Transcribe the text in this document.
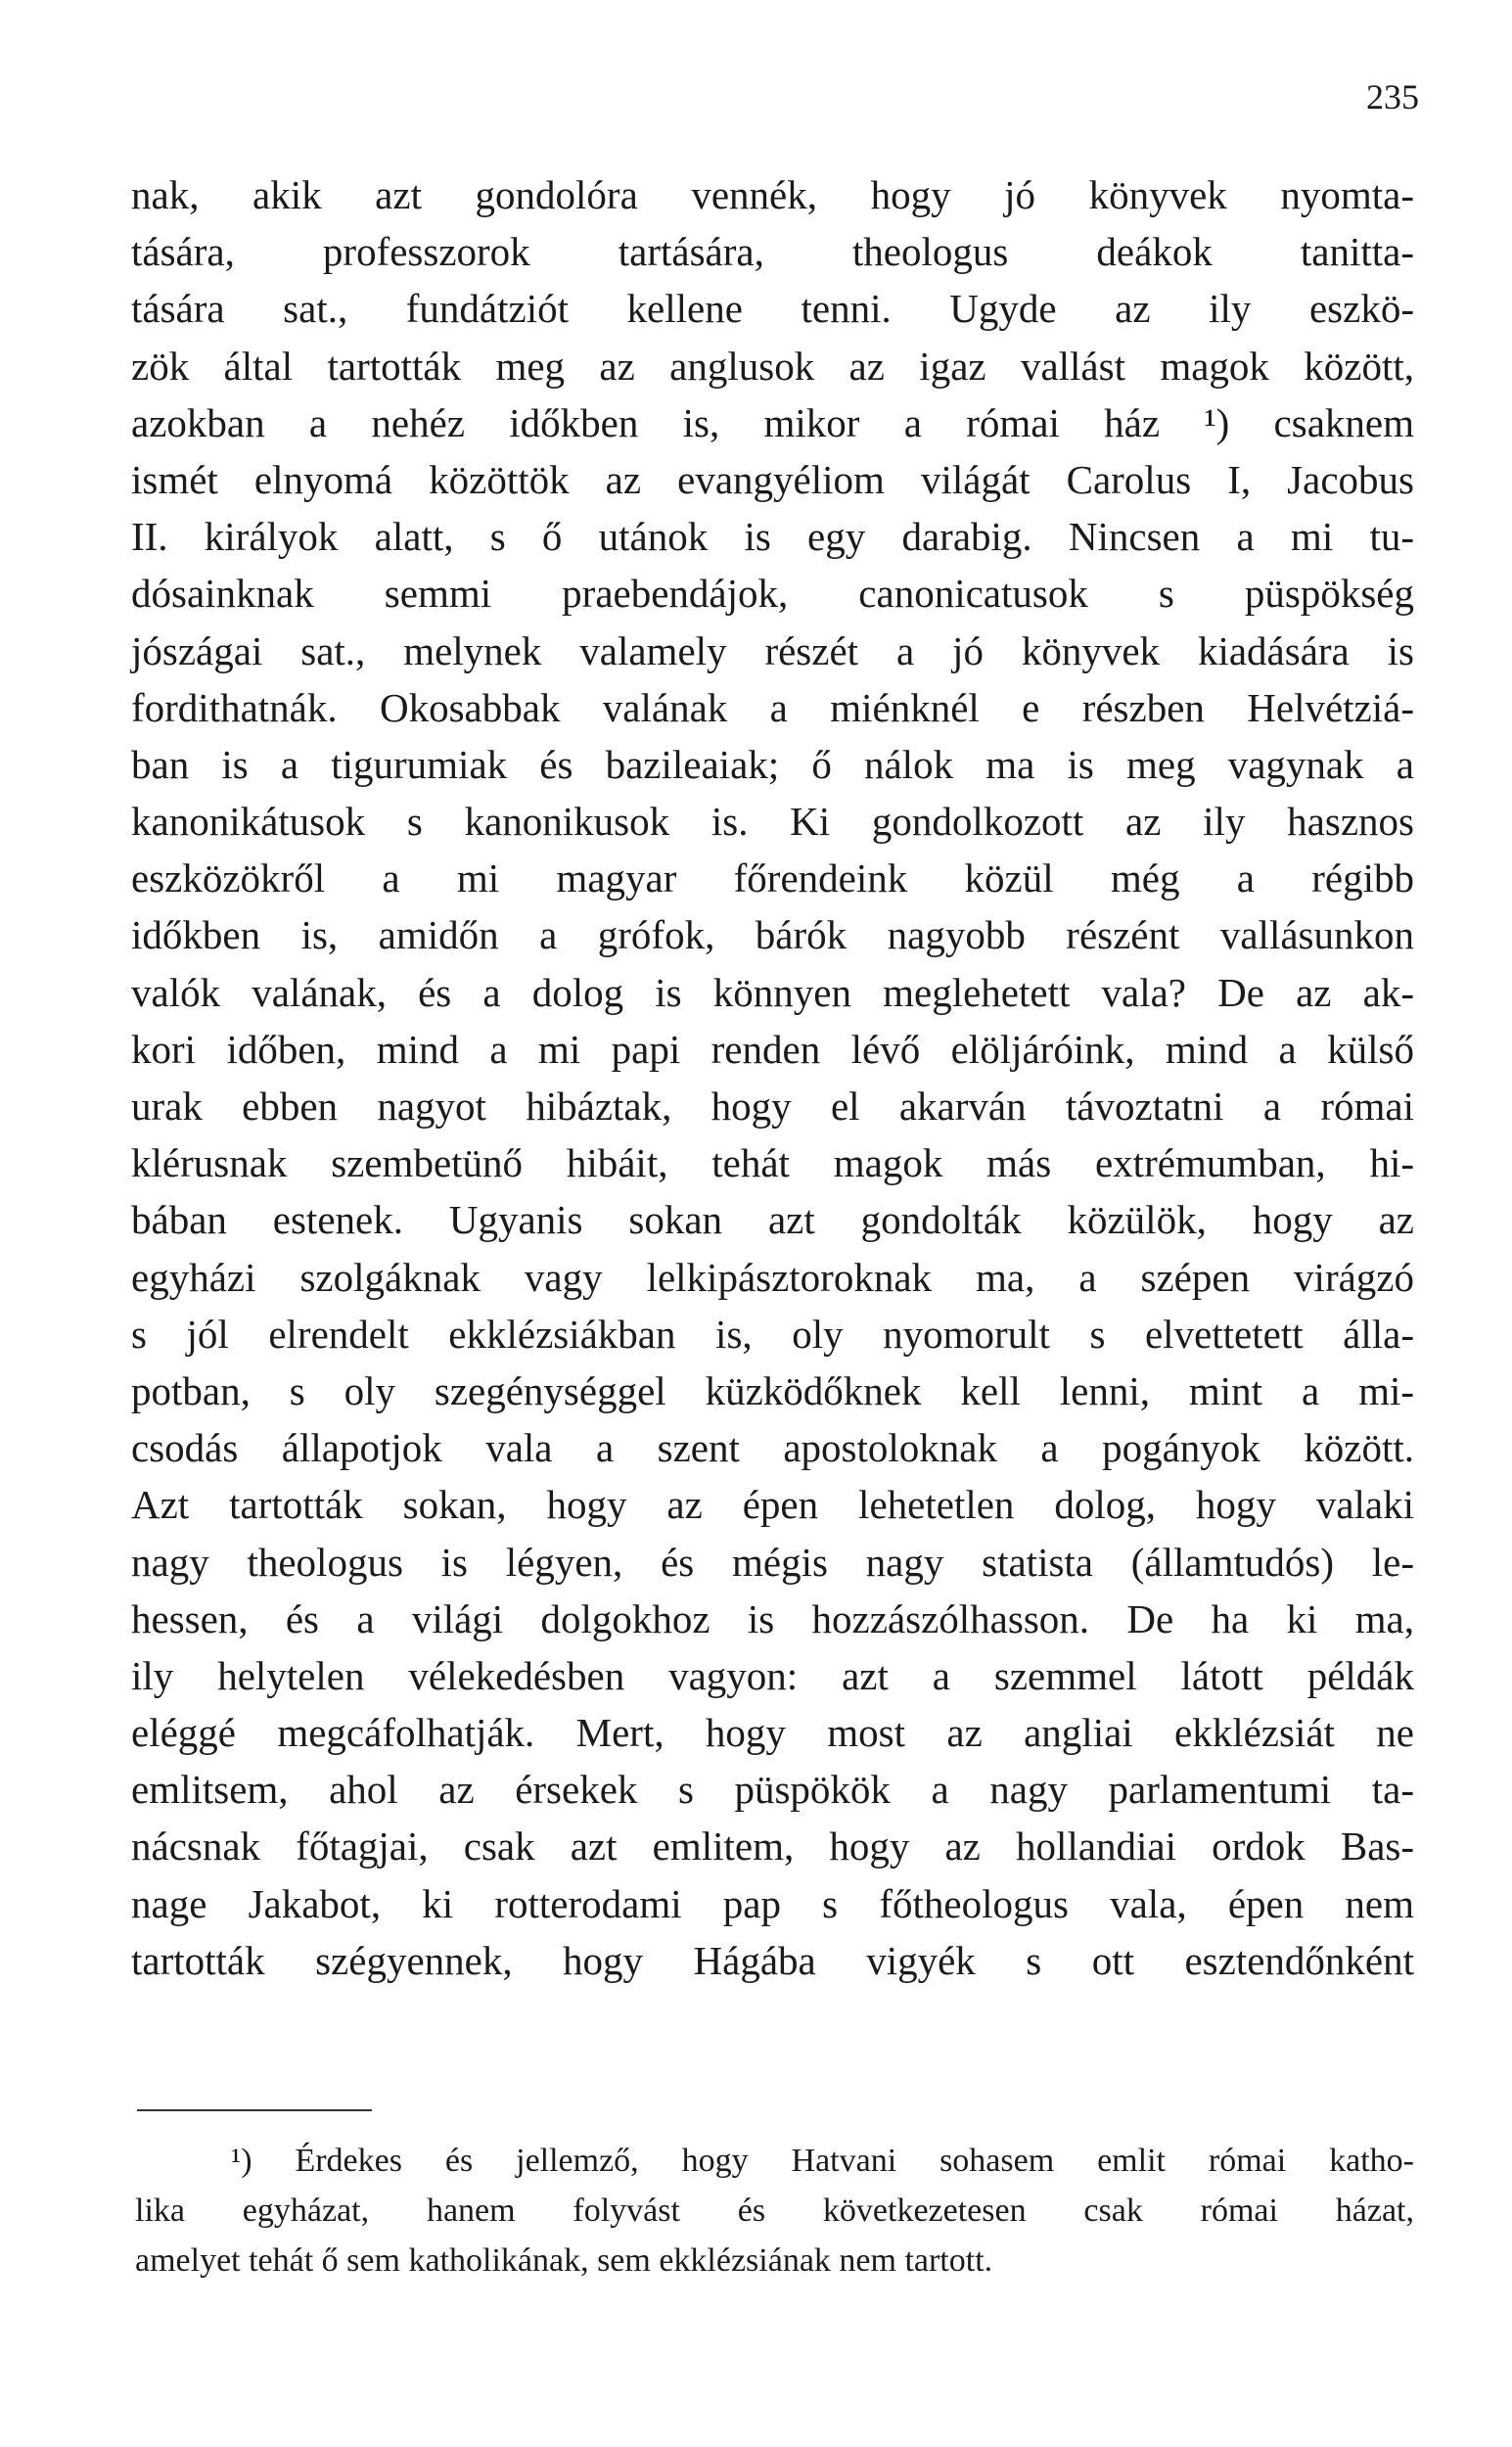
235
nak, akik azt gondolóra vennék, hogy jó könyvek nyomta-
tására, professzorok tartására, theologus deákok tanitta-
tására sat., fundátziót kellene tenni. Ugyde az ily eszkö-
zök által tartották meg az anglusok az igaz vallást magok között,
azokban a nehéz időkben is, mikor a római ház ¹) csaknem
ismét elnyomá közöttök az evangyéliom világát Carolus I, Jacobus
II. királyok alatt, s ő utánok is egy darabig. Nincsen a mi tu-
dósainknak semmi praebendájok, canonicatusok s püspökség
jószágai sat., melynek valamely részét a jó könyvek kiadására is
fordithatnák. Okosabbak valának a miénknél e részben Helvétziá-
ban is a tigurumiak és bazileaiak; ő nálok ma is meg vagynak a
kanonikátusok s kanonikusok is. Ki gondolkozott az ily hasznos
eszközökről a mi magyar főrendeink közül még a régibb
időkben is, amidőn a grófok, bárók nagyobb részént vallásunkon
valók valának, és a dolog is könnyen meglehetett vala? De az ak-
kori időben, mind a mi papi renden lévő elöljáróink, mind a külső
urak ebben nagyot hibáztak, hogy el akarván távoztatni a római
klérusnak szembetünő hibáit, tehát magok más extrémumban, hi-
bában estenek. Ugyanis sokan azt gondolták közülök, hogy az
egyházi szolgáknak vagy lelkipásztoroknak ma, a szépen virágzó
s jól elrendelt ekklézsiákban is, oly nyomorult s elvettetett álla-
potban, s oly szegénységgel küzködőknek kell lenni, mint a mi-
csodás állapotjok vala a szent apostoloknak a pogányok között.
Azt tartották sokan, hogy az épen lehetetlen dolog, hogy valaki
nagy theologus is légyen, és mégis nagy statista (államtudós) le-
hessen, és a világi dolgokhoz is hozzászólhasson. De ha ki ma,
ily helytelen vélekedésben vagyon: azt a szemmel látott példák
eléggé megcáfolhatják. Mert, hogy most az angliai ekklézsiát ne
emlitsem, ahol az érsekek s püspökök a nagy parlamentumi ta-
nácsnak főtagjai, csak azt emlitem, hogy az hollandiai ordok Bas-
nage Jakabot, ki rotterodami pap s főtheologus vala, épen nem
tartották szégyennek, hogy Hágába vigyék s ott esztendőnként
¹) Érdekes és jellemző, hogy Hatvani sohasem emlit római katho-
lika egyházat, hanem folyvást és következetesen csak római házat,
amelyet tehát ő sem katholikának, sem ekklézsiának nem tartott.
